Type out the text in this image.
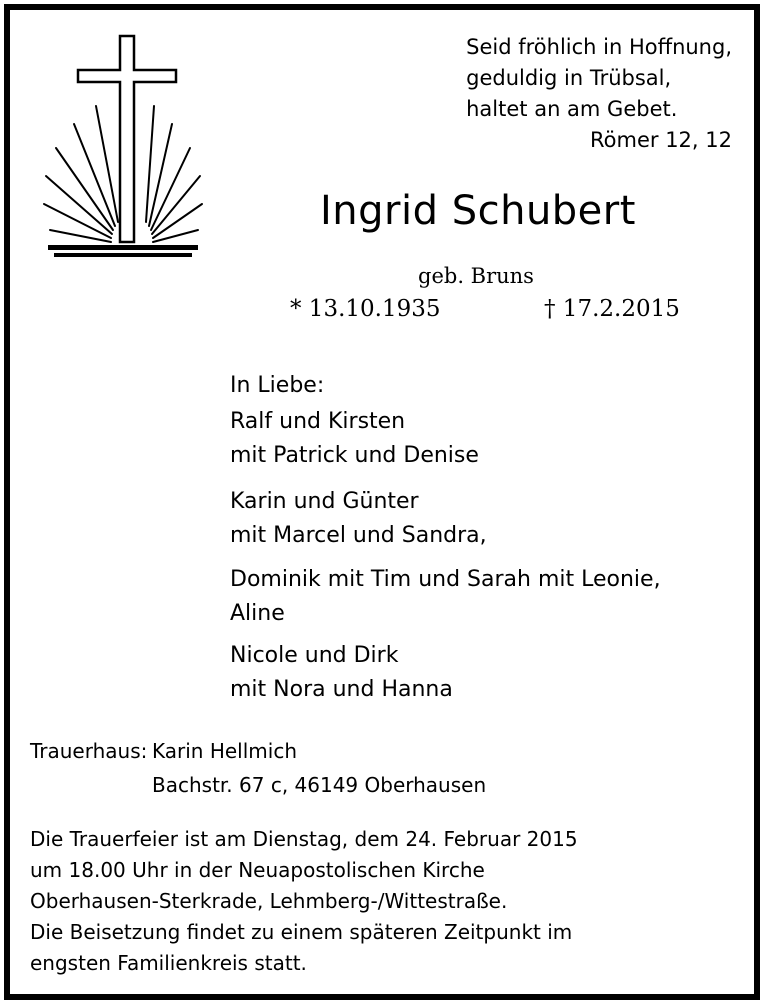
Seid fröhlich in Hoffnung,
geduldig in Trübsal,
haltet an am Gebet.
Römer 12, 12
Ingrid Schubert
geb. Bruns
* 13.10.1935	† 17.2.2015
In Liebe:
Ralf und Kirsten
mit Patrick und Denise
Karin und Günter
mit Marcel und Sandra,
Dominik mit Tim und Sarah mit Leonie,
Aline
Nicole und Dirk
mit Nora und Hanna
Trauerhaus: Karin Hellmich
Bachstr. 67 c, 46149 Oberhausen
Die Trauerfeier ist am Dienstag, dem 24. Februar 2015
um 18.00 Uhr in der Neuapostolischen Kirche
Oberhausen-Sterkrade, Lehmberg-/Wittestraße.
Die Beisetzung findet zu einem späteren Zeitpunkt im
engsten Familienkreis statt.
